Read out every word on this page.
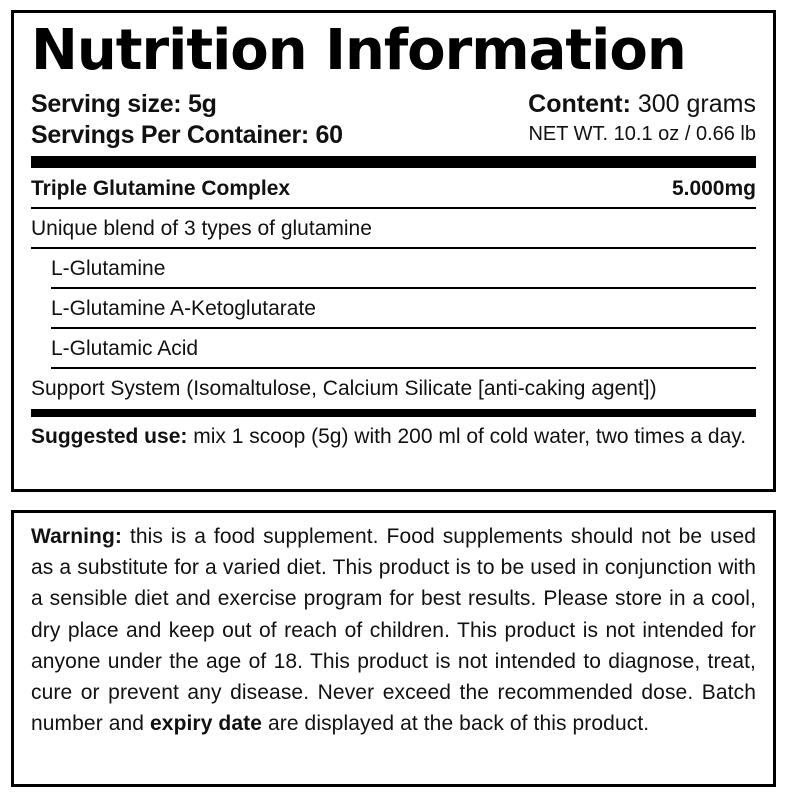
Nutrition Information
Serving size: 5g
Servings Per Container: 60
Content: 300 grams
NET WT. 10.1 oz / 0.66 lb
Triple Glutamine Complex	5.000mg
Unique blend of 3 types of glutamine
L-Glutamine
L-Glutamine A-Ketoglutarate
L-Glutamic Acid
Support System (Isomaltulose, Calcium Silicate [anti-caking agent])

Suggested use: mix 1 scoop (5g) with 200 ml of cold water, two times a day.

Warning: this is a food supplement. Food supplements should not be used as a substitute for a varied diet. This product is to be used in conjunction with a sensible diet and exercise program for best results. Please store in a cool, dry place and keep out of reach of children. This product is not intended for anyone under the age of 18. This product is not intended to diagnose, treat, cure or prevent any disease. Never exceed the recommended dose. Batch number and expiry date are displayed at the back of this product.
